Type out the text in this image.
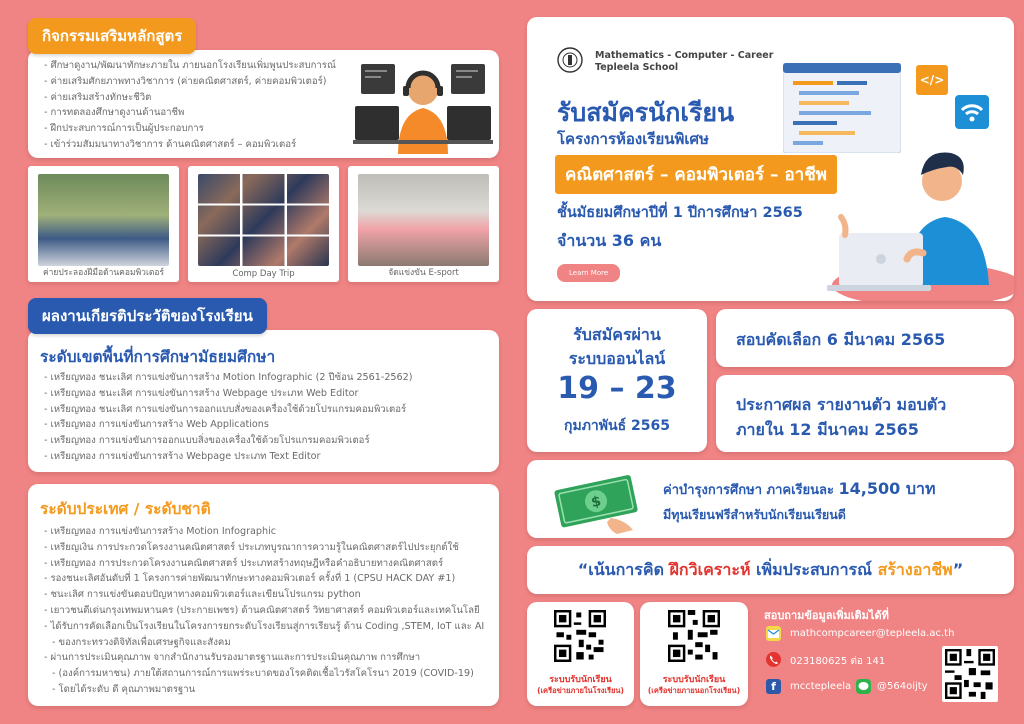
- ศึกษาดูงาน/พัฒนาทักษะภายใน ภายนอกโรงเรียนเพิ่มพูนประสบการณ์
- ค่ายเสริมศักยภาพทางวิชาการ (ค่ายคณิตศาสตร์, ค่ายคอมพิวเตอร์)
- ค่ายเสริมสร้างทักษะชีวิต
- การทดลองศึกษาดูงานด้านอาชีพ
- ฝึกประสบการณ์การเป็นผู้ประกอบการ
- เข้าร่วมสัมมนาทางวิชาการ ด้านคณิตศาสตร์ – คอมพิวเตอร์
กิจกรรมเสริมหลักสูตร
ค่ายประลองฝีมือด้านคอมพิวเตอร์	Comp Day Trip	จัดแข่งขัน E-sport
ระดับเขตพื้นที่การศึกษามัธยมศึกษา
- เหรียญทอง ชนะเลิศ การแข่งขันการสร้าง Motion Infographic (2 ปีซ้อน 2561-2562)
- เหรียญทอง ชนะเลิศ การแข่งขันการสร้าง Webpage ประเภท Web Editor
- เหรียญทอง ชนะเลิศ การแข่งขันการออกแบบสั่งของเครื่องใช้ด้วยโปรแกรมคอมพิวเตอร์
- เหรียญทอง การแข่งขันการสร้าง Web Applications
- เหรียญทอง การแข่งขันการออกแบบสิ่งของเครื่องใช้ด้วยโปรแกรมคอมพิวเตอร์
- เหรียญทอง การแข่งขันการสร้าง Webpage ประเภท Text Editor
ผลงานเกียรติประวัติของโรงเรียน
ระดับประเทศ / ระดับชาติ
- เหรียญทอง การแข่งขันการสร้าง Motion Infographic
- เหรียญเงิน การประกวดโครงงานคณิตศาสตร์ ประเภทบูรณาการความรู้ในคณิตศาสตร์ไปประยุกต์ใช้
- เหรียญทอง การประกวดโครงงานคณิตศาสตร์ ประเภทสร้างทฤษฎีหรือคำอธิบายทางคณิตศาสตร์
- รองชนะเลิศอันดับที่ 1 โครงการค่ายพัฒนาทักษะทางคอมพิวเตอร์ ครั้งที่ 1 (CPSU HACK DAY #1)
- ชนะเลิศ การแข่งขันตอบปัญหาทางคอมพิวเตอร์และเขียนโปรแกรม python
- เยาวชนดีเด่นกรุงเทพมหานคร (ประกายเพชร) ด้านคณิตศาสตร์ วิทยาศาสตร์ คอมพิวเตอร์และเทคโนโลยี
- ได้รับการคัดเลือกเป็นโรงเรียนในโครงการยกระดับโรงเรียนสู่การเรียนรู้ ด้าน Coding ,STEM, IoT และ AI
- ของกระทรวงดิจิทัลเพื่อเศรษฐกิจและสังคม
- ผ่านการประเมินคุณภาพ จากสำนักงานรับรองมาตรฐานและการประเมินคุณภาพ การศึกษา
- (องค์การมหาชน) ภายใต้สถานการณ์การแพร่ระบาดของโรคติดเชื้อไวรัสโคโรนา 2019 (COVID-19)
- โดยได้ระดับ ดี คุณภาพมาตรฐาน
Mathematics - Computer - Career
Tepleela School
รับสมัครนักเรียน
โครงการห้องเรียนพิเศษ
คณิตศาสตร์ – คอมพิวเตอร์ – อาชีพ
ชั้นมัธยมศึกษาปีที่ 1 ปีการศึกษา 2565
จำนวน 36 คน
Learn More
</>
รับสมัครผ่าน
ระบบออนไลน์
19 – 23
กุมภาพันธ์ 2565
สอบคัดเลือก 6 มีนาคม 2565
ประกาศผล รายงานตัว มอบตัว
ภายใน 12 มีนาคม 2565
$
ค่าบำรุงการศึกษา ภาคเรียนละ 14,500 บาท
มีทุนเรียนฟรีสำหรับนักเรียนเรียนดี
“เน้นการคิด ฝึกวิเคราะห์ เพิ่มประสบการณ์ สร้างอาชีพ”
ระบบรับนักเรียน
(เครือข่ายภายในโรงเรียน)
ระบบรับนักเรียน
(เครือข่ายภายนอกโรงเรียน)
สอบถามข้อมูลเพิ่มเติมได้ที่
mathcompcareer@tepleela.ac.th
023180625 ต่อ 141
f	mcctepleela	@564oijty
